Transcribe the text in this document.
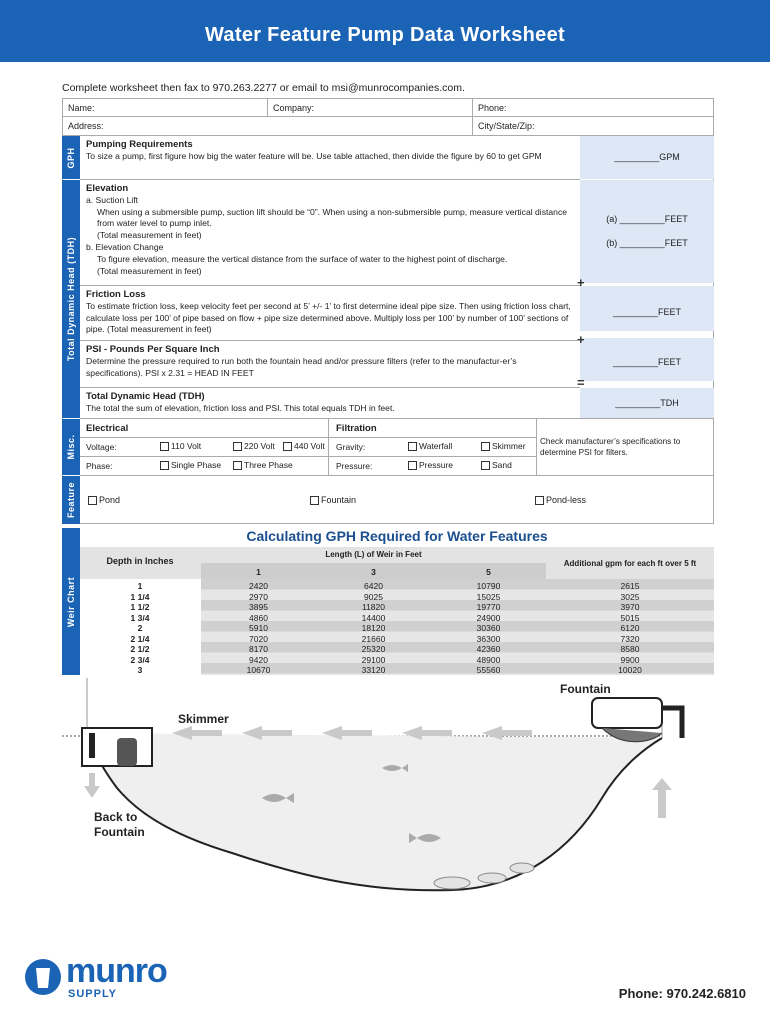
Water Feature Pump Data Worksheet
Complete worksheet then fax to 970.263.2277 or email to msi@munrocompanies.com.
Name:	Company:	Phone:
Address:	City/State/Zip:
GPH
Total Dynamic Head (TDH)
Misc.
Feature
Weir Chart
_________GPM
(a) _________FEET
(b) _________FEET
_________FEET
_________FEET
_________TDH
+
+
=
Pumping Requirements
To size a pump, first figure how big the water feature will be. Use table attached, then divide the figure by 60 to get GPM
Elevation
a. Suction Lift
When using a submersible pump, suction lift should be “0”. When using a non-submersible pump, measure vertical distance from water level to pump inlet.
(Total measurement in feet)
b. Elevation Change
To figure elevation, measure the vertical distance from the surface of water to the highest point of discharge.
(Total measurement in feet)
Friction Loss
To estimate friction loss, keep velocity feet per second at 5’ +/- 1’ to first determine ideal pipe size. Then using friction loss chart, calculate loss per 100’ of pipe based on flow + pipe size determined above. Multiply loss per 100’ by number of 100’ sections of pipe. (Total measurement in feet)
PSI - Pounds Per Square Inch
Determine the pressure required to run both the fountain head and/or pressure filters (refer to the manufactur-er’s specifications). PSI x 2.31 = HEAD IN FEET
Total Dynamic Head (TDH)
The total the sum of elevation, friction loss and PSI. This total equals TDH in feet.
Electrical	Filtration
Voltage:	110 Volt	220 Volt	440 Volt
Phase:	Single Phase	Three Phase
Gravity:	Waterfall	Skimmer
Pressure:	Pressure	Sand
Check manufacturer’s specifications to determine PSI for filters.
Pond	Fountain	Pond-less
Calculating GPH Required for Water Features
Depth in Inches
Length (L) of Weir in Feet
Additional gpm for each ft over 5 ft
1	3	5
1	2420	6420	10790	2615
1 1/4	2970	9025	15025	3025
1 1/2	3895	11820	19770	3970
1 3/4	4860	14400	24900	5015
2	5910	18120	30360	6120
2 1/4	7020	21660	36300	7320
2 1/2	8170	25320	42360	8580
2 3/4	9420	29100	48900	9900
3	10670	33120	55560	10020
Fountain
Skimmer
Back to
Fountain
munro
SUPPLY	Phone: 970.242.6810
